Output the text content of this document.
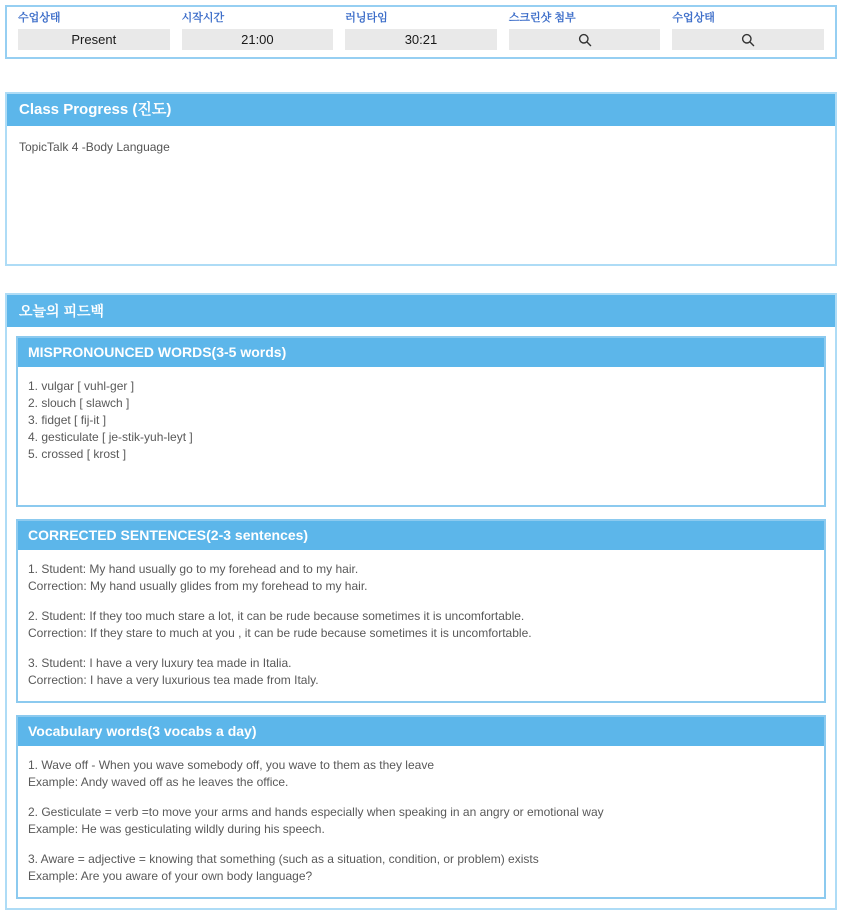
수업상태
Present
시작시간
21:00
러닝타임
30:21
스크린샷 첨부	수업상태
Class Progress (진도)
TopicTalk 4 -Body Language
오늘의 피드백
MISPRONOUNCED WORDS(3-5 words)
1. vulgar [ vuhl-ger ]
2. slouch [ slawch ]
3. fidget [ fij-it ]
4. gesticulate [ je-stik-yuh-leyt ]
5. crossed [ krost ]
CORRECTED SENTENCES(2-3 sentences)
1. Student: My hand usually go to my forehead and to my hair.
Correction: My hand usually glides from my forehead to my hair.
2. Student: If they too much stare a lot, it can be rude because sometimes it is uncomfortable.
Correction: If they stare to much at you , it can be rude because sometimes it is uncomfortable.
3. Student: I have a very luxury tea made in Italia.
Correction: I have a very luxurious tea made from Italy.
Vocabulary words(3 vocabs a day)
1. Wave off - When you wave somebody off, you wave to them as they leave
Example: Andy waved off as he leaves the office.
2. Gesticulate = verb =to move your arms and hands especially when speaking in an angry or emotional way
Example: He was gesticulating wildly during his speech.
3. Aware = adjective = knowing that something (such as a situation, condition, or problem) exists
Example: Are you aware of your own body language?
